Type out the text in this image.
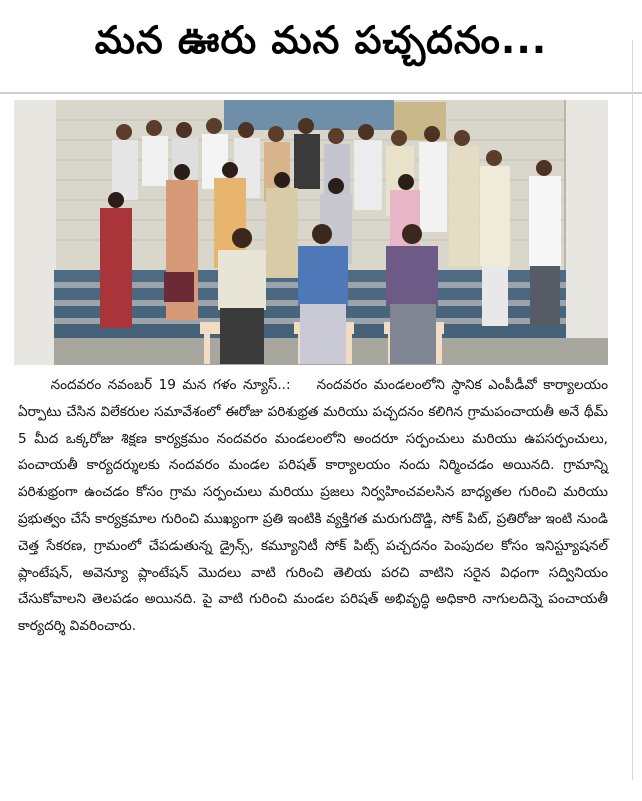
మన ఊరు మన పచ్చదనం...
నందవరం నవంబర్ 19 మన గళం న్యూస్..:    నందవరం మండలంలోని స్థానిక ఎంపీడీవో కార్యాలయం ఏర్పాటు చేసిన విలేకరుల సమావేశంలో ఈరోజు పరిశుభ్రత మరియు పచ్చదనం కలిగిన గ్రామపంచాయతీ అనే థీమ్ 5 మీద ఒక్కరోజు శిక్షణ కార్యక్రమం నందవరం మండలంలోని అందరూ సర్పంచులు మరియు ఉపసర్పంచులు, పంచాయతీ కార్యదర్శులకు నందవరం మండల పరిషత్ కార్యాలయం నందు నిర్మించడం అయినది. గ్రామాన్ని పరిశుభ్రంగా ఉంచడం కోసం గ్రామ సర్పంచులు మరియు ప్రజలు నిర్వహించవలసిన బాధ్యతల గురించి మరియు ప్రభుత్వం చేసే కార్యక్రమాల గురించి ముఖ్యంగా ప్రతి ఇంటికి వ్యక్తిగత మరుగుదొడ్డి, సోక్ పిట్, ప్రతిరోజు ఇంటి నుండి చెత్త సేకరణ, గ్రామంలో చేపడుతున్న డ్రైన్స్, కమ్యూనిటీ సోక్ పిట్స్ పచ్చదనం పెంపుదల కోసం ఇనిస్ట్యూషనల్ ప్లాంటేషన్, అవెన్యూ ప్లాంటేషన్ మొదలు వాటి గురించి తెలియ పరచి వాటిని సరైన విధంగా సద్వినియం చేసుకోవాలని తెలపడం అయినది. పై వాటి గురించి మండల పరిషత్ అభివృద్ధి అధికారి నాగులదిన్నె పంచాయతీ కార్యదర్శి వివరించారు.
